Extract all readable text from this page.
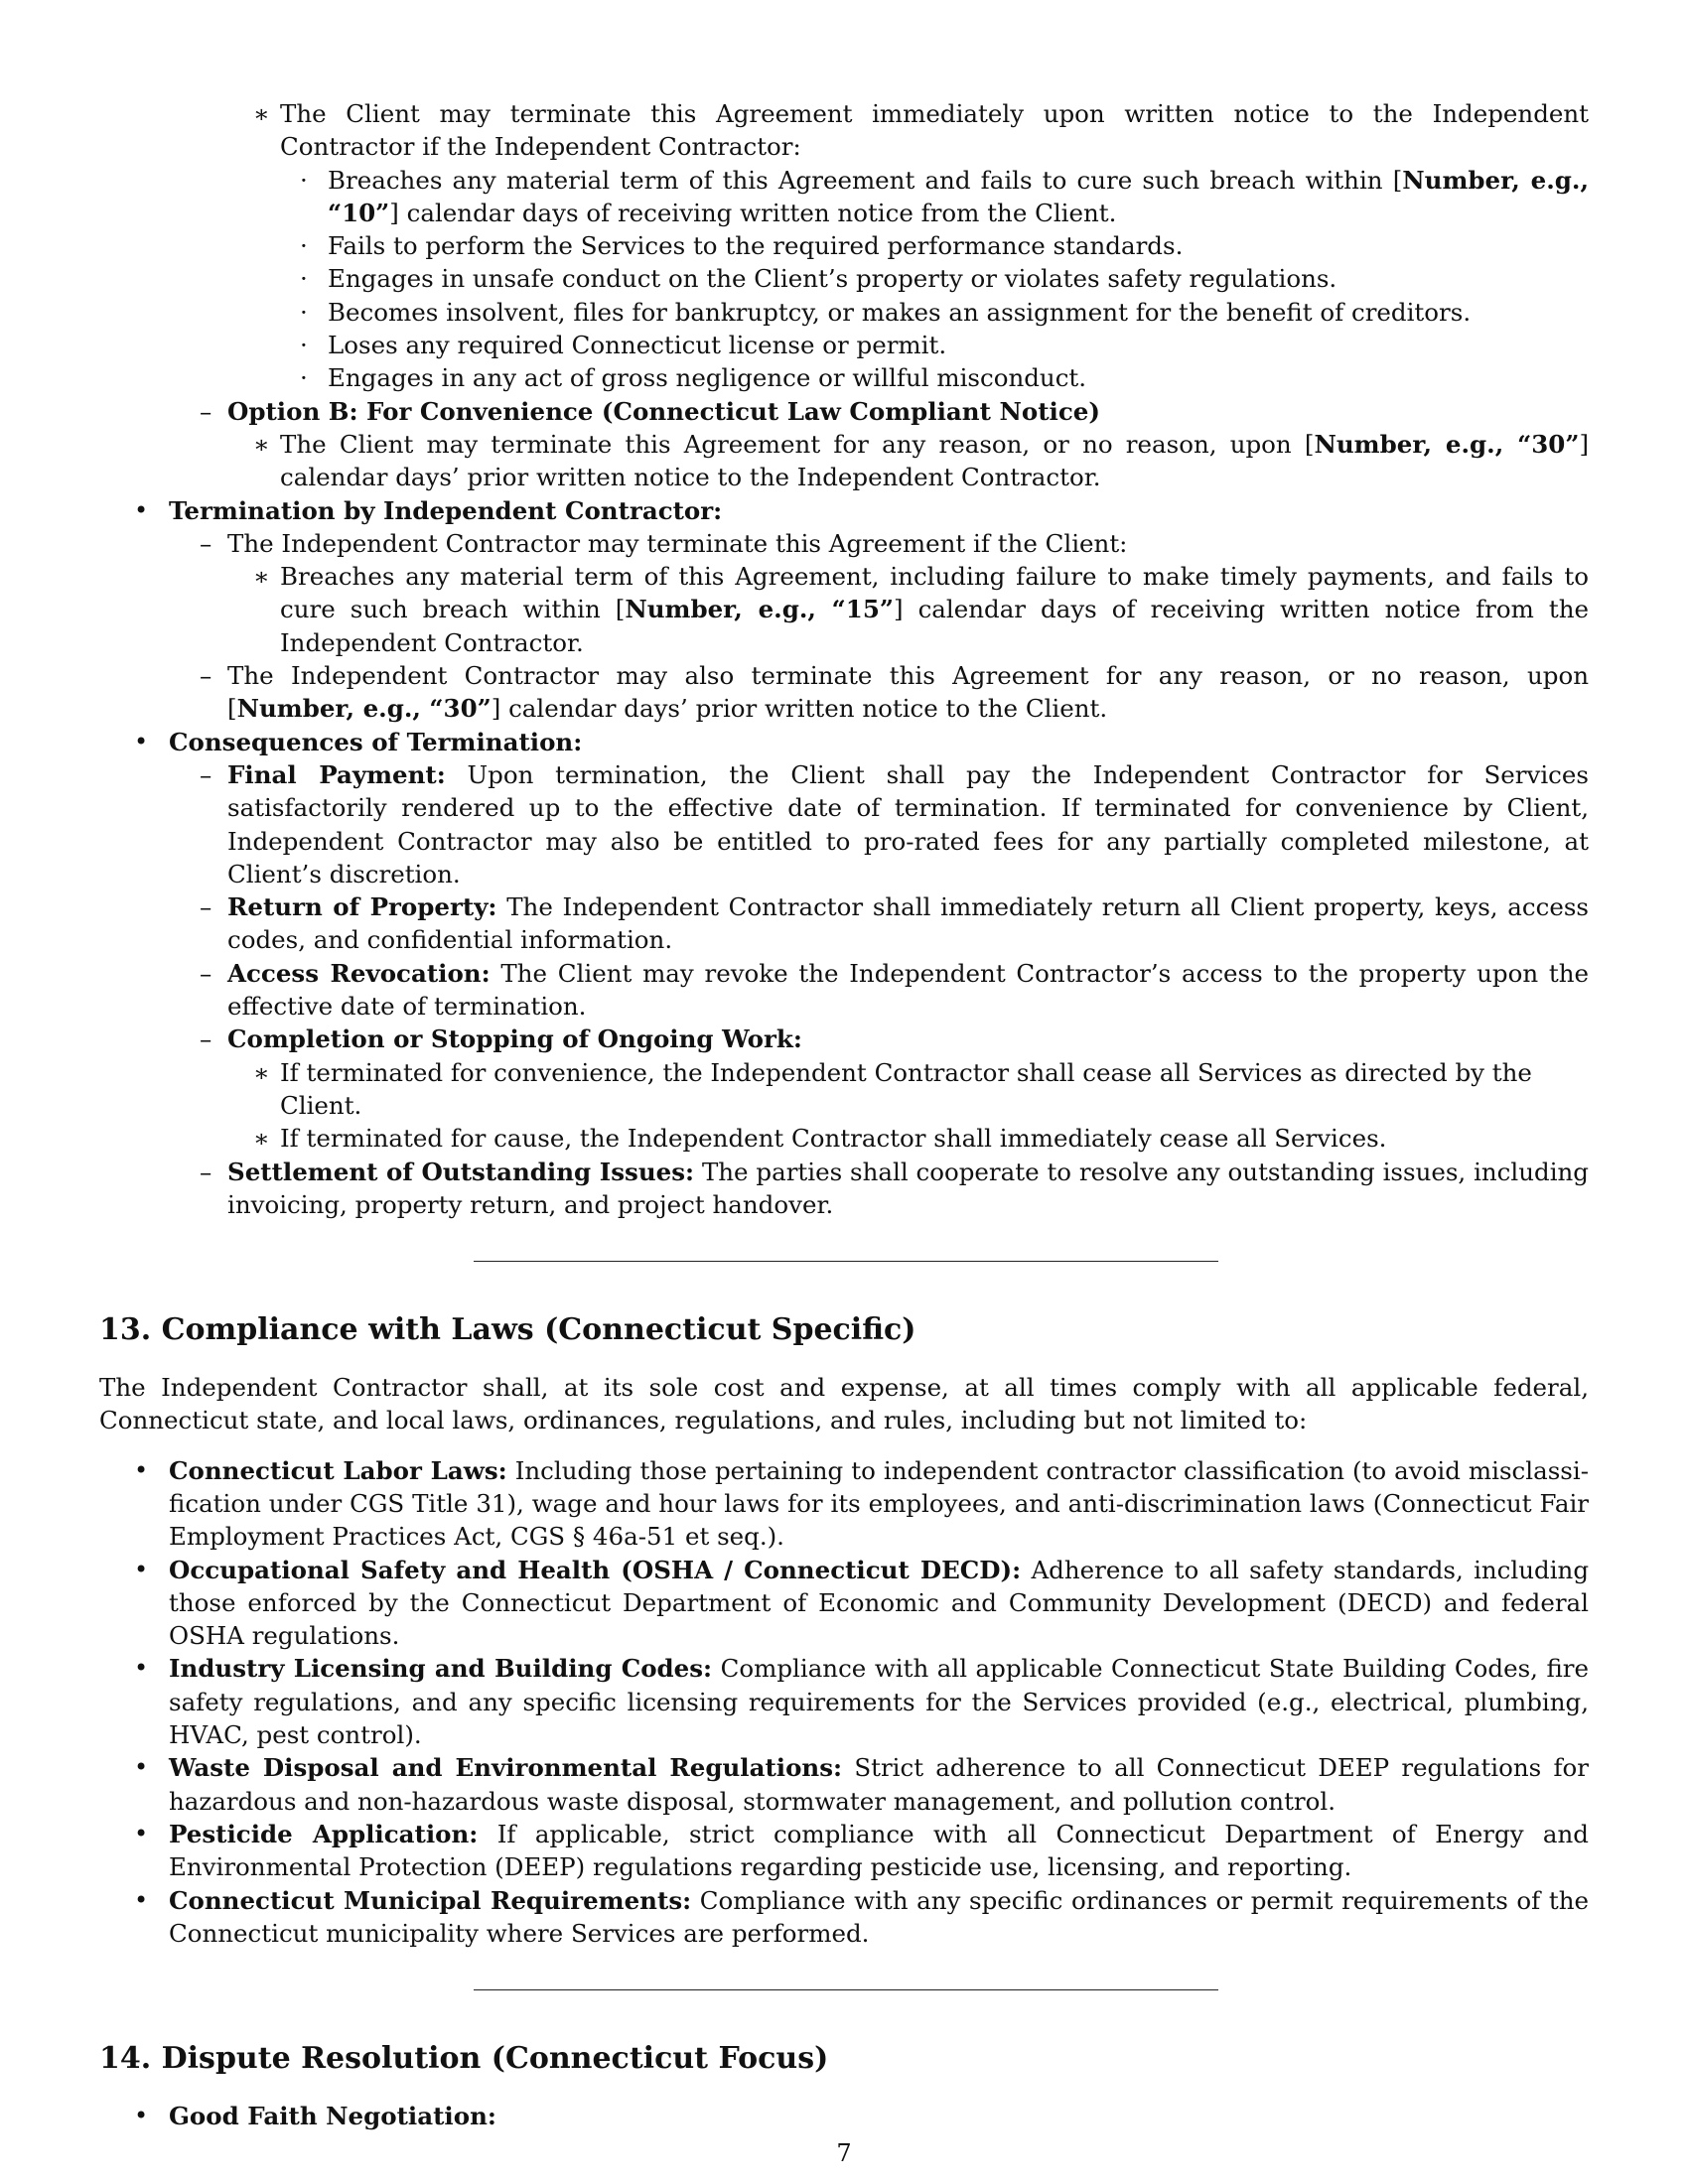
∗ The Client may terminate this Agreement immediately upon written notice to the Independent Contractor if the Independent Contractor:
· Breaches any material term of this Agreement and fails to cure such breach within [Number, e.g., “10”] calendar days of receiving written notice from the Client.
· Fails to perform the Services to the required performance standards.
· Engages in unsafe conduct on the Client’s property or violates safety regulations.
· Becomes insolvent, files for bankruptcy, or makes an assignment for the benefit of creditors.
· Loses any required Connecticut license or permit.
· Engages in any act of gross negligence or willful misconduct.
– Option B: For Convenience (Connecticut Law Compliant Notice)
∗ The Client may terminate this Agreement for any reason, or no reason, upon [Number, e.g., “30”] calendar days’ prior written notice to the Independent Contractor.
• Termination by Independent Contractor:
– The Independent Contractor may terminate this Agreement if the Client:
∗ Breaches any material term of this Agreement, including failure to make timely payments, and fails to cure such breach within [Number, e.g., “15”] calendar days of receiving written notice from the Independent Contractor.
– The Independent Contractor may also terminate this Agreement for any reason, or no reason, upon [Number, e.g., “30”] calendar days’ prior written notice to the Client.
• Consequences of Termination:
– Final Payment: Upon termination, the Client shall pay the Independent Contractor for Services satisfactorily rendered up to the effective date of termination. If terminated for convenience by Client, Independent Contractor may also be entitled to pro-rated fees for any partially completed milestone, at Client’s discretion.
– Return of Property: The Independent Contractor shall immediately return all Client property, keys, access codes, and confidential information.
– Access Revocation: The Client may revoke the Independent Contractor’s access to the property upon the effective date of termination.
– Completion or Stopping of Ongoing Work:
∗ If terminated for convenience, the Independent Contractor shall cease all Services as directed by the Client.
∗ If terminated for cause, the Independent Contractor shall immediately cease all Services.
– Settlement of Outstanding Issues: The parties shall cooperate to resolve any outstanding issues, including invoicing, property return, and project handover.
13. Compliance with Laws (Connecticut Specific)
The Independent Contractor shall, at its sole cost and expense, at all times comply with all applicable federal, Connecticut state, and local laws, ordinances, regulations, and rules, including but not limited to:
• Connecticut Labor Laws: Including those pertaining to independent contractor classification (to avoid misclassi-fication under CGS Title 31), wage and hour laws for its employees, and anti-discrimination laws (Connecticut Fair Employment Practices Act, CGS § 46a-51 et seq.).
• Occupational Safety and Health (OSHA / Connecticut DECD): Adherence to all safety standards, including those enforced by the Connecticut Department of Economic and Community Development (DECD) and federal OSHA regulations.
• Industry Licensing and Building Codes: Compliance with all applicable Connecticut State Building Codes, fire safety regulations, and any specific licensing requirements for the Services provided (e.g., electrical, plumbing, HVAC, pest control).
• Waste Disposal and Environmental Regulations: Strict adherence to all Connecticut DEEP regulations for hazardous and non-hazardous waste disposal, stormwater management, and pollution control.
• Pesticide Application: If applicable, strict compliance with all Connecticut Department of Energy and Environmental Protection (DEEP) regulations regarding pesticide use, licensing, and reporting.
• Connecticut Municipal Requirements: Compliance with any specific ordinances or permit requirements of the Connecticut municipality where Services are performed.
14. Dispute Resolution (Connecticut Focus)
• Good Faith Negotiation:
7
